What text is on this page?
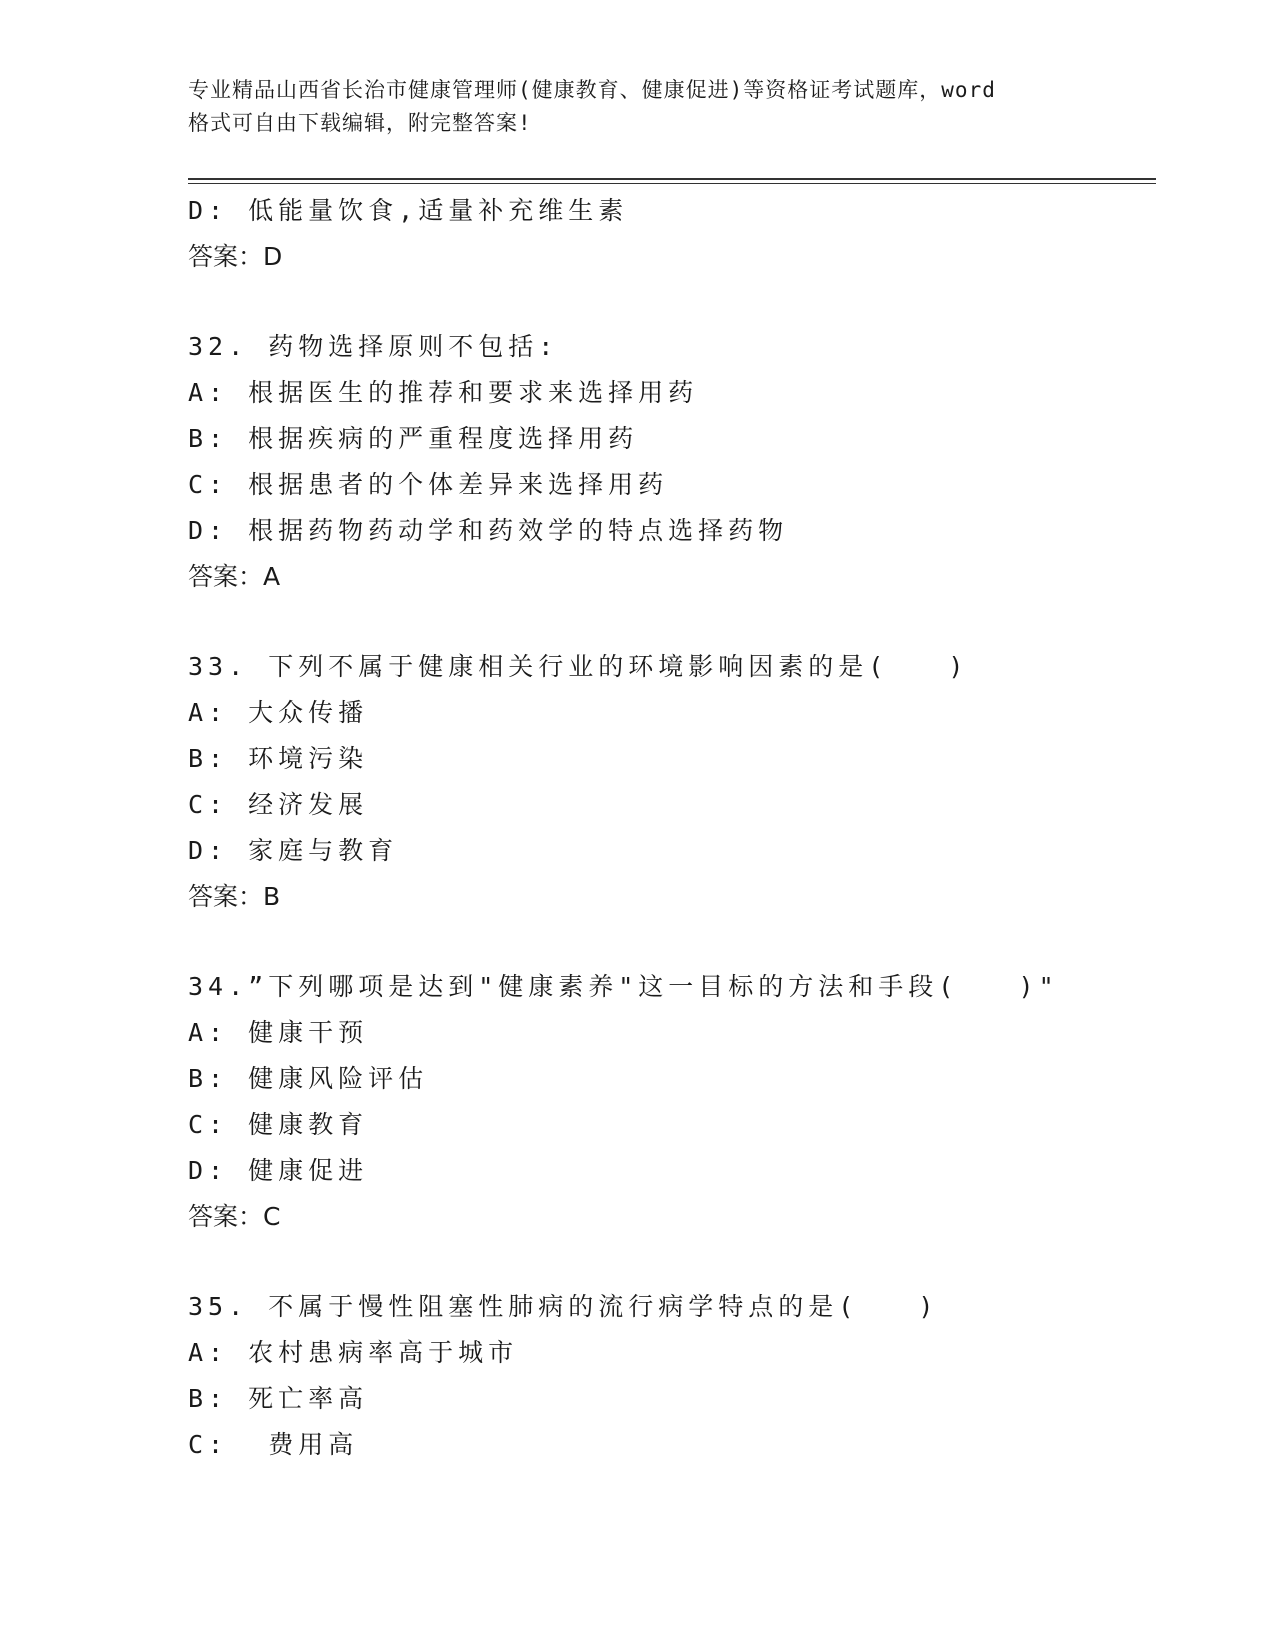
专业精品山西省长治市健康管理师(健康教育、健康促进)等资格证考试题库，word
格式可自由下载编辑，附完整答案!
D: 低能量饮食,适量补充维生素
答案：D
32. 药物选择原则不包括:
A: 根据医生的推荐和要求来选择用药
B: 根据疾病的严重程度选择用药
C: 根据患者的个体差异来选择用药
D: 根据药物药动学和药效学的特点选择药物
答案：A
33. 下列不属于健康相关行业的环境影响因素的是(   )
A: 大众传播
B: 环境污染
C: 经济发展
D: 家庭与教育
答案：B
34.”下列哪项是达到"健康素养"这一目标的方法和手段(   )"
A: 健康干预
B: 健康风险评估
C: 健康教育
D: 健康促进
答案：C
35. 不属于慢性阻塞性肺病的流行病学特点的是(   )
A: 农村患病率高于城市
B: 死亡率高
C:  费用高
